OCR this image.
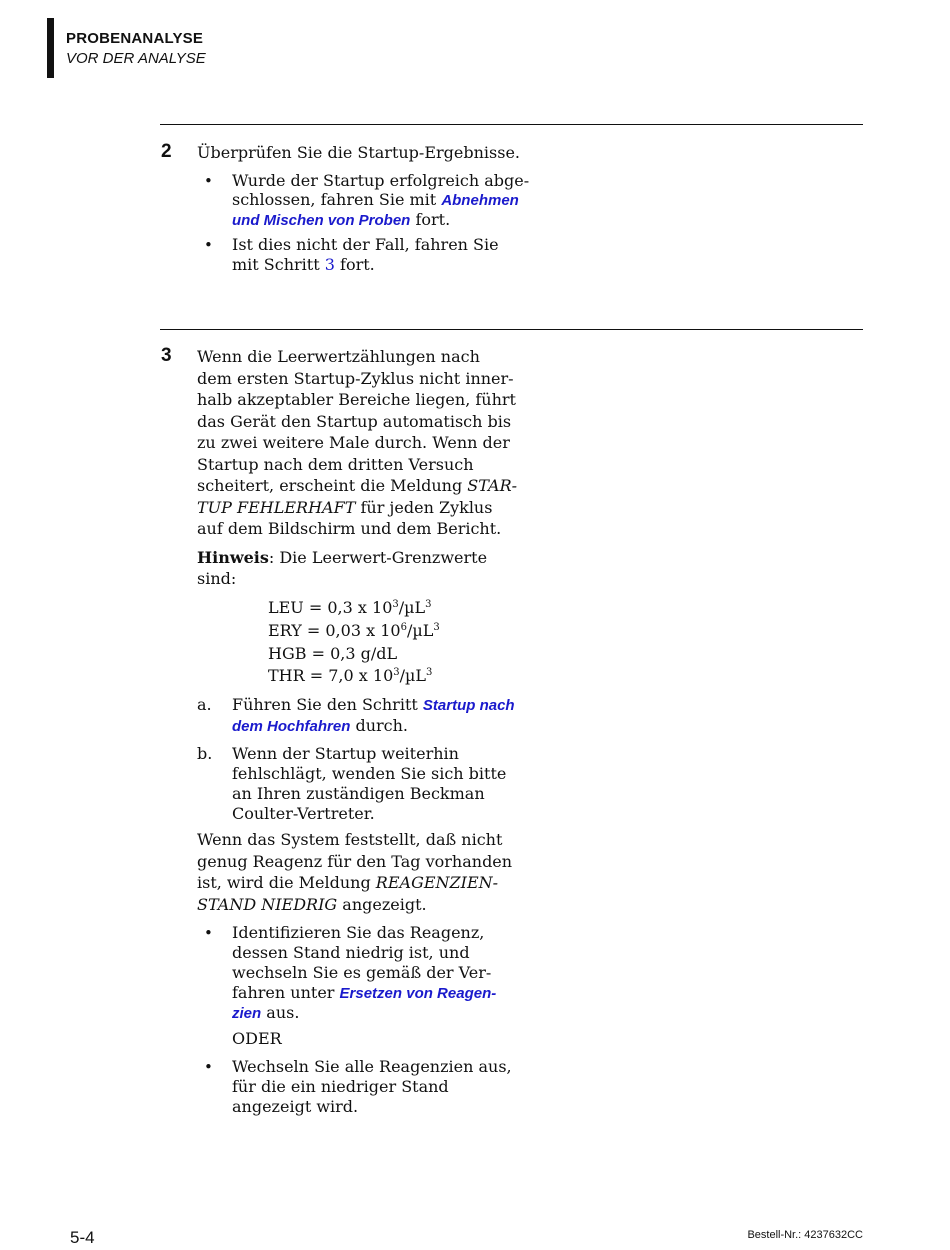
PROBENANALYSE
VOR DER ANALYSE
2 Überprüfen Sie die Startup-Ergebnisse.
• Wurde der Startup erfolgreich abge-
schlossen, fahren Sie mit Abnehmen
und Mischen von Proben fort.
• Ist dies nicht der Fall, fahren Sie
mit Schritt 3 fort.
3 Wenn die Leerwertzählungen nach
dem ersten Startup-Zyklus nicht inner-
halb akzeptabler Bereiche liegen, führt
das Gerät den Startup automatisch bis
zu zwei weitere Male durch. Wenn der
Startup nach dem dritten Versuch
scheitert, erscheint die Meldung STAR-
TUP FEHLERHAFT für jeden Zyklus
auf dem Bildschirm und dem Bericht.
Hinweis: Die Leerwert-Grenzwerte
sind:
LEU = 0,3 x $10^3/\mu L^3$
ERY = 0,03 x $10^6/\mu L^3$
HGB = 0,3 g/dL
THR = 7,0 x $10^3/\mu L^3$
a. Führen Sie den Schritt Startup nach
dem Hochfahren durch.
b. Wenn der Startup weiterhin
fehlschlägt, wenden Sie sich bitte
an Ihren zuständigen Beckman
Coulter-Vertreter.
Wenn das System feststellt, daß nicht
genug Reagenz für den Tag vorhanden
ist, wird die Meldung REAGENZIEN-
STAND NIEDRIG angezeigt.
• Identifizieren Sie das Reagenz,
dessen Stand niedrig ist, und
wechseln Sie es gemäß der Ver-
fahren unter Ersetzen von Reagen-
zien aus.
ODER
• Wechseln Sie alle Reagenzien aus,
für die ein niedriger Stand
angezeigt wird.
5-4	Bestell-Nr.: 4237632CC
